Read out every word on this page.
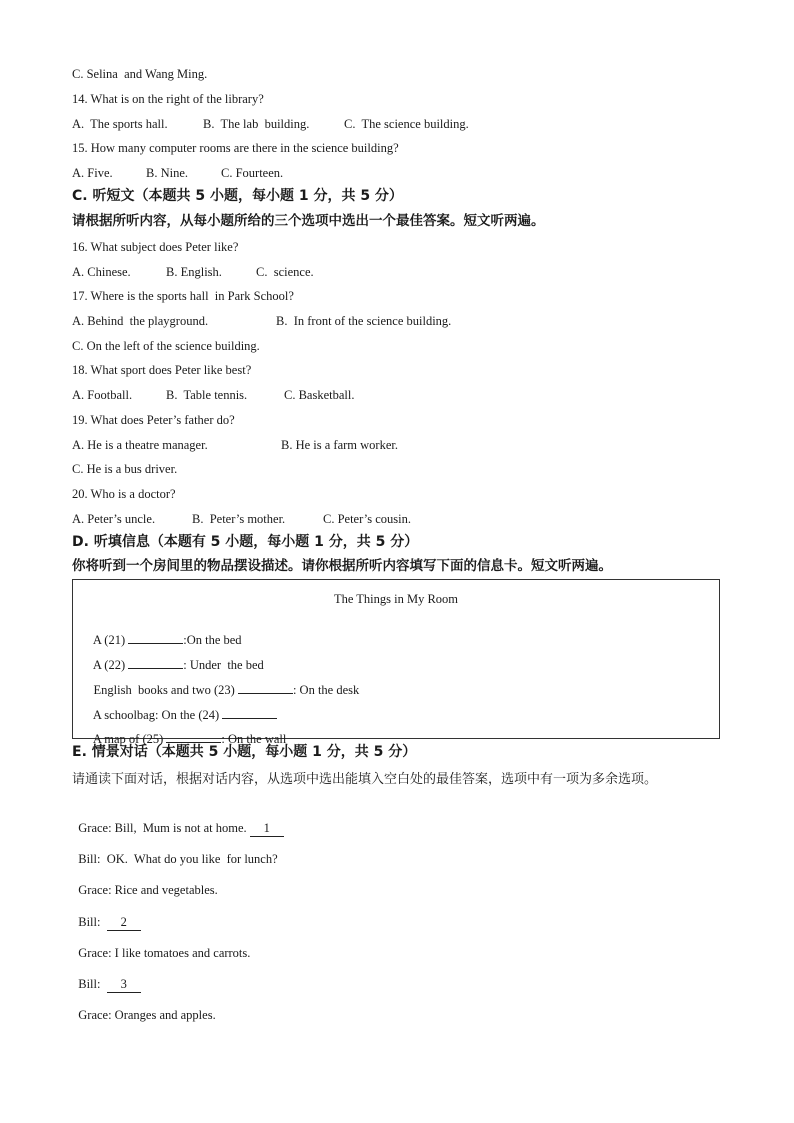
C. Selina  and Wang Ming.
14. What is on the right of the library?
A.  The sports hall.	B.  The lab  building.	C.  The science building.
15. How many computer rooms are there in the science building?
A. Five.	B. Nine.	C. Fourteen.
C. 听短文（本题共 5 小题，每小题 1 分，共 5 分）
请根据所听内容，从每小题所给的三个选项中选出一个最佳答案。短文听两遍。
16. What subject does Peter like?
A. Chinese.	B. English.	C.  science.
17. Where is the sports hall  in Park School?
A. Behind  the playground.	B.  In front of the science building.
C. On the left of the science building.
18. What sport does Peter like best?
A. Football.	B.  Table tennis.	C. Basketball.
19. What does Peter’s father do?
A. He is a theatre manager.	B. He is a farm worker.
C. He is a bus driver.
20. Who is a doctor?
A. Peter’s uncle.	B.  Peter’s mother.	C. Peter’s cousin.
D. 听填信息（本题有 5 小题，每小题 1 分，共 5 分）
你将听到一个房间里的物品摆设描述。请你根据所听内容填写下面的信息卡。短文听两遍。
The Things in My Room

A (21)	:On the bed

A (22)	: Under  the bed

English  books and two (23)	: On the desk

A schoolbag: On the (24)

A map of (25)	: On the wall

E. 情景对话（本题共 5 小题，每小题 1 分，共 5 分）
请通读下面对话，根据对话内容，从选项中选出能填入空白处的最佳答案，选项中有一项为多余选项。

Grace: Bill,  Mum is not at home. 1

Bill:  OK.  What do you like  for lunch?

Grace: Rice and vegetables.

Bill:  2

Grace: I like tomatoes and carrots.

Bill:  3

Grace: Oranges and apples.
